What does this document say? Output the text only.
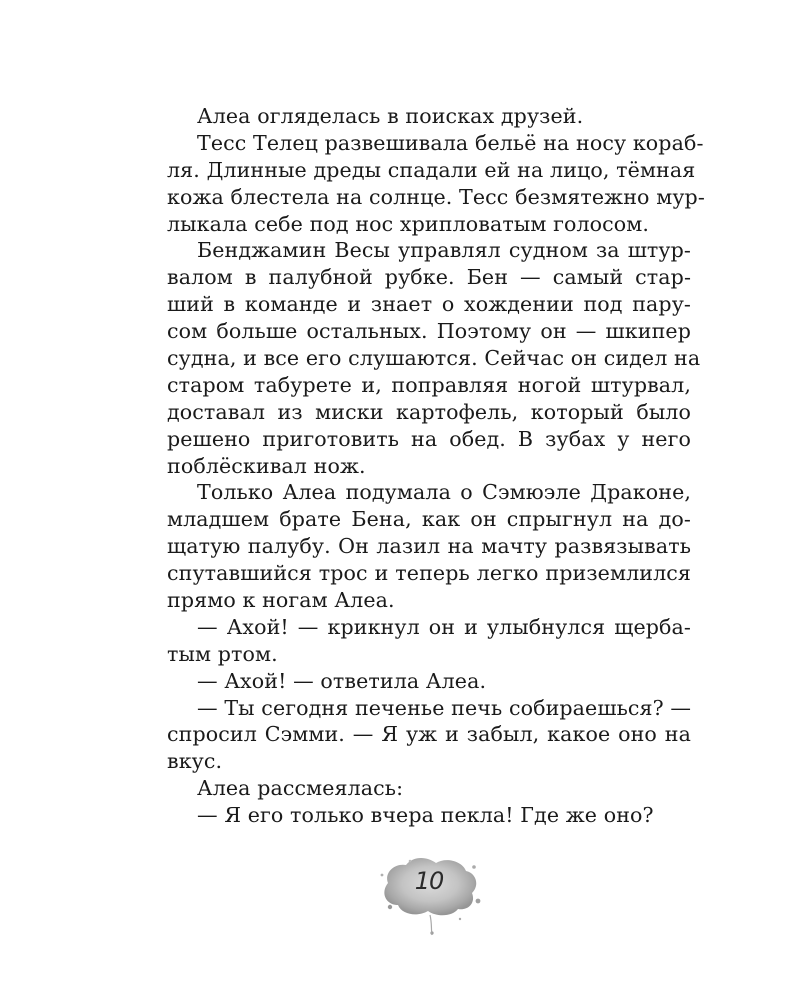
Алеа огляделась в поисках друзей.
Тесс Телец развешивала бельё на носу кораб-
ля. Длинные дреды спадали ей на лицо, тёмная
кожа блестела на солнце. Тесс безмятежно мур-
лыкала себе под нос хрипловатым голосом.
Бенджамин Весы управлял судном за штур-
валом в палубной рубке. Бен — самый стар-
ший в команде и знает о хождении под пару-
сом больше остальных. Поэтому он — шкипер
судна, и все его слушаются. Сейчас он сидел на
старом табурете и, поправляя ногой штурвал,
доставал из миски картофель, который было
решено приготовить на обед. В зубах у него
поблёскивал нож.
Только Алеа подумала о Сэмюэле Драконе,
младшем брате Бена, как он спрыгнул на до-
щатую палубу. Он лазил на мачту развязывать
спутавшийся трос и теперь легко приземлился
прямо к ногам Алеа.
— Ахой! — крикнул он и улыбнулся щерба-
тым ртом.
— Ахой! — ответила Алеа.
— Ты сегодня печенье печь собираешься? —
спросил Сэмми. — Я уж и забыл, какое оно на
вкус.
Алеа рассмеялась:
— Я его только вчера пекла! Где же оно?
10
